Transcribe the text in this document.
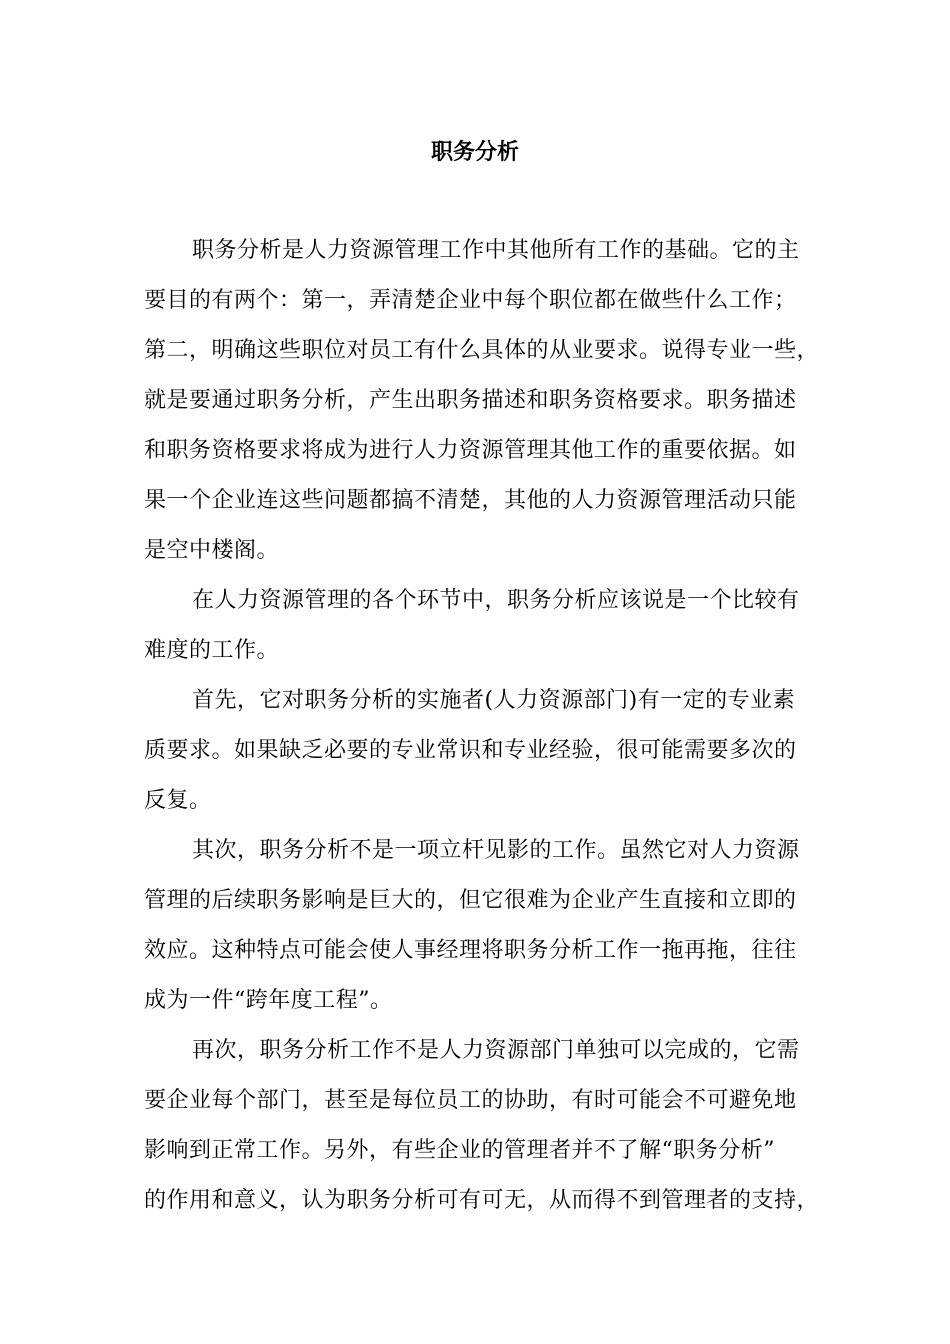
职务分析
职务分析是人力资源管理工作中其他所有工作的基础。它的主
要目的有两个：第一，弄清楚企业中每个职位都在做些什么工作；
第二，明确这些职位对员工有什么具体的从业要求。说得专业一些，
就是要通过职务分析，产生出职务描述和职务资格要求。职务描述
和职务资格要求将成为进行人力资源管理其他工作的重要依据。如
果一个企业连这些问题都搞不清楚，其他的人力资源管理活动只能
是空中楼阁。
在人力资源管理的各个环节中，职务分析应该说是一个比较有
难度的工作。
首先，它对职务分析的实施者(人力资源部门)有一定的专业素
质要求。如果缺乏必要的专业常识和专业经验，很可能需要多次的
反复。
其次，职务分析不是一项立杆见影的工作。虽然它对人力资源
管理的后续职务影响是巨大的，但它很难为企业产生直接和立即的
效应。这种特点可能会使人事经理将职务分析工作一拖再拖，往往
成为一件“跨年度工程”。
再次，职务分析工作不是人力资源部门单独可以完成的，它需
要企业每个部门，甚至是每位员工的协助，有时可能会不可避免地
影响到正常工作。另外，有些企业的管理者并不了解“职务分析”
的作用和意义，认为职务分析可有可无，从而得不到管理者的支持，
